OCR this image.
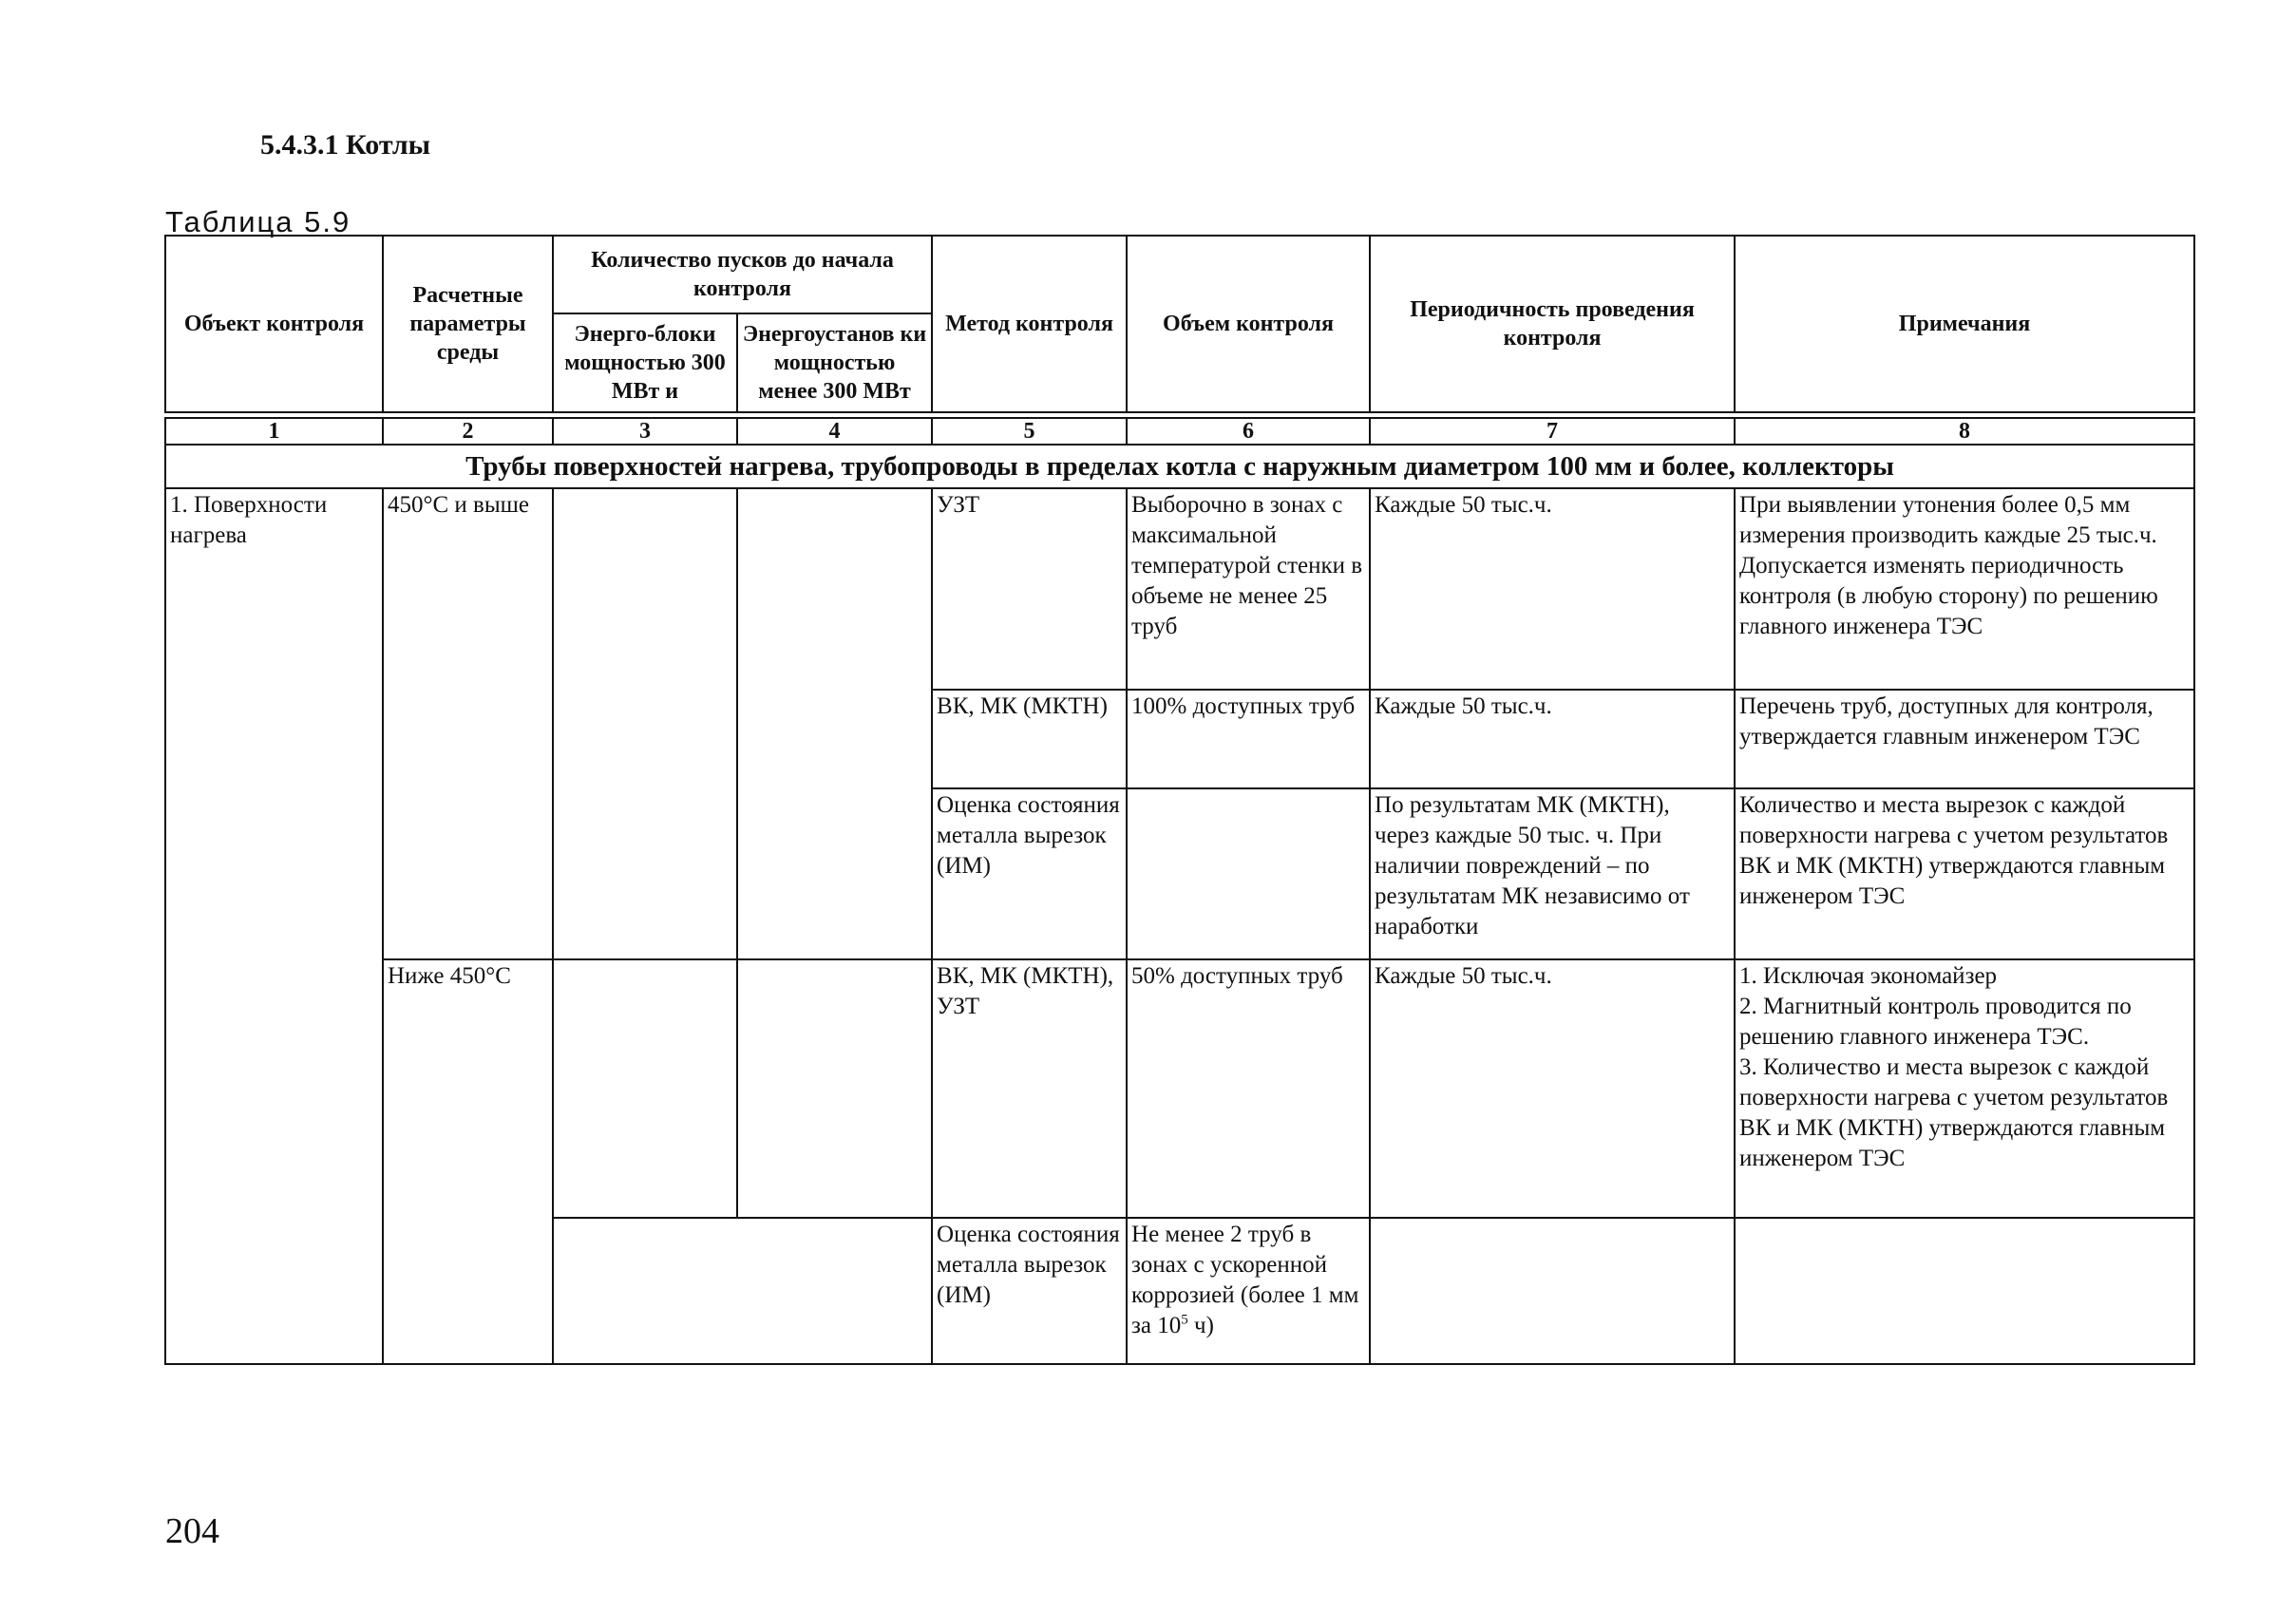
5.4.3.1 Котлы

Таблица 5.9

Объект контроля	Расчетные параметры среды	Количество пусков до начала контроля		Метод контроля	Объем контроля	Периодичность проведения контроля	Примечания
		Энерго-блоки мощностью 300 МВт и	Энергоустанов ки мощностью менее 300 МВт				

1	2	3	4	5	6	7	8
Трубы поверхностей нагрева, трубопроводы в пределах котла с наружным диаметром 100 мм и более, коллекторы							
1. Поверхности нагрева	450°С и выше			УЗТ	Выборочно в зонах с максимальной температурой стенки в объеме не менее 25 труб	Каждые 50 тыс.ч.	При выявлении утонения более 0,5 мм измерения производить каждые 25 тыс.ч.
Допускается изменять периодичность контроля (в любую сторону) по решению главного инженера ТЭС
				ВК, МК (МКТН)	100% доступных труб	Каждые 50 тыс.ч.	Перечень труб, доступных для контроля, утверждается главным инженером ТЭС
				Оценка состояния металла вырезок (ИМ)		По результатам МК (МКТН), через каждые 50 тыс. ч. При наличии повреждений – по результатам МК независимо от наработки	Количество и места вырезок с каждой поверхности нагрева с учетом результатов ВК и МК (МКТН) утверждаются главным инженером ТЭС
	Ниже 450°С			ВК, МК (МКТН), УЗТ	50% доступных труб	Каждые 50 тыс.ч.	1. Исключая экономайзер
2. Магнитный контроль проводится по решению главного инженера ТЭС.
3. Количество и места вырезок с каждой поверхности нагрева с учетом результатов ВК и МК (МКТН) утверждаются главным инженером ТЭС
				Оценка состояния металла вырезок (ИМ)	Не менее 2 труб в зонах с ускоренной коррозией (более 1 мм за $10^5$ ч)		

204
